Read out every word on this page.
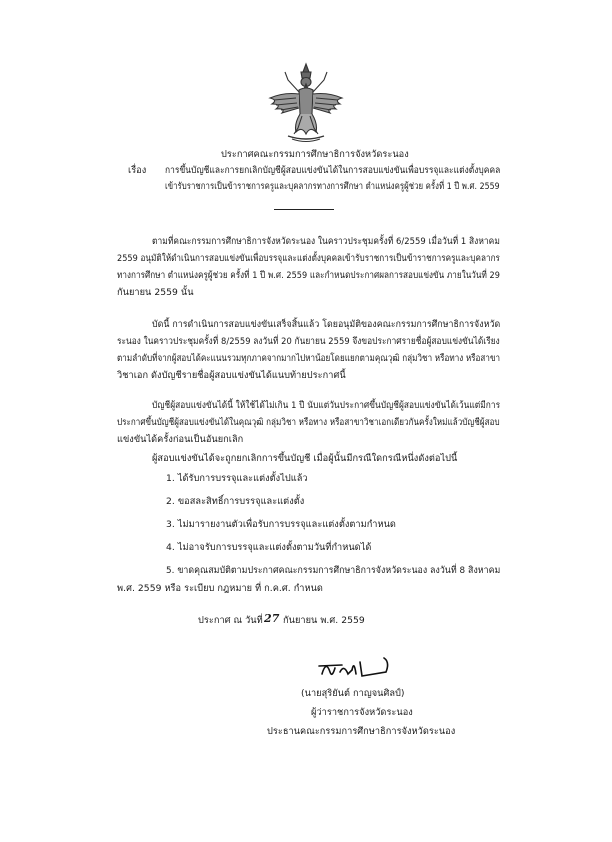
ประกาศคณะกรรมการศึกษาธิการจังหวัดระนอง
เรื่อง การขึ้นบัญชีและการยกเลิกบัญชีผู้สอบแข่งขันได้ในการสอบแข่งขันเพื่อบรรจุและแต่งตั้งบุคคล
เข้ารับราชการเป็นข้าราชการครูและบุคลากรทางการศึกษา ตำแหน่งครูผู้ช่วย ครั้งที่ 1 ปี พ.ศ. 2559
ตามที่คณะกรรมการศึกษาธิการจังหวัดระนอง ในคราวประชุมครั้งที่ 6/2559 เมื่อวันที่ 1 สิงหาคม
2559 อนุมัติให้ดำเนินการสอบแข่งขันเพื่อบรรจุและแต่งตั้งบุคคลเข้ารับราชการเป็นข้าราชการครูและบุคลากร
ทางการศึกษา ตำแหน่งครูผู้ช่วย ครั้งที่ 1 ปี พ.ศ. 2559 และกำหนดประกาศผลการสอบแข่งขัน ภายในวันที่ 29
กันยายน 2559 นั้น
บัดนี้ การดำเนินการสอบแข่งขันเสร็จสิ้นแล้ว โดยอนุมัติของคณะกรรมการศึกษาธิการจังหวัด
ระนอง ในคราวประชุมครั้งที่ 8/2559 ลงวันที่ 20 กันยายน 2559 จึงขอประกาศรายชื่อผู้สอบแข่งขันได้เรียง
ตามลำดับที่จากผู้สอบได้คะแนนรวมทุกภาคจากมากไปหาน้อยโดยแยกตามคุณวุฒิ กลุ่มวิชา หรือทาง หรือสาขา
วิชาเอก ดังบัญชีรายชื่อผู้สอบแข่งขันได้แนบท้ายประกาศนี้
บัญชีผู้สอบแข่งขันได้นี้ ให้ใช้ได้ไม่เกิน 1 ปี นับแต่วันประกาศขึ้นบัญชีผู้สอบแข่งขันได้เว้นแต่มีการ
ประกาศขึ้นบัญชีผู้สอบแข่งขันได้ในคุณวุฒิ กลุ่มวิชา หรือทาง หรือสาขาวิชาเอกเดียวกันครั้งใหม่แล้วบัญชีผู้สอบ
แข่งขันได้ครั้งก่อนเป็นอันยกเลิก
ผู้สอบแข่งขันได้จะถูกยกเลิกการขึ้นบัญชี เมื่อผู้นั้นมีกรณีใดกรณีหนึ่งดังต่อไปนี้
1. ได้รับการบรรจุและแต่งตั้งไปแล้ว
2. ขอสละสิทธิ์การบรรจุและแต่งตั้ง
3. ไม่มารายงานตัวเพื่อรับการบรรจุและแต่งตั้งตามกำหนด
4. ไม่อาจรับการบรรจุและแต่งตั้งตามวันที่กำหนดได้
5. ขาดคุณสมบัติตามประกาศคณะกรรมการศึกษาธิการจังหวัดระนอง ลงวันที่ 8 สิงหาคม
พ.ศ. 2559 หรือ ระเบียบ กฎหมาย ที่ ก.ค.ศ. กำหนด
ประกาศ ณ วันที่ 27 กันยายน พ.ศ. 2559
(นายสุริยันต์ กาญจนศิลป์)
ผู้ว่าราชการจังหวัดระนอง
ประธานคณะกรรมการศึกษาธิการจังหวัดระนอง
